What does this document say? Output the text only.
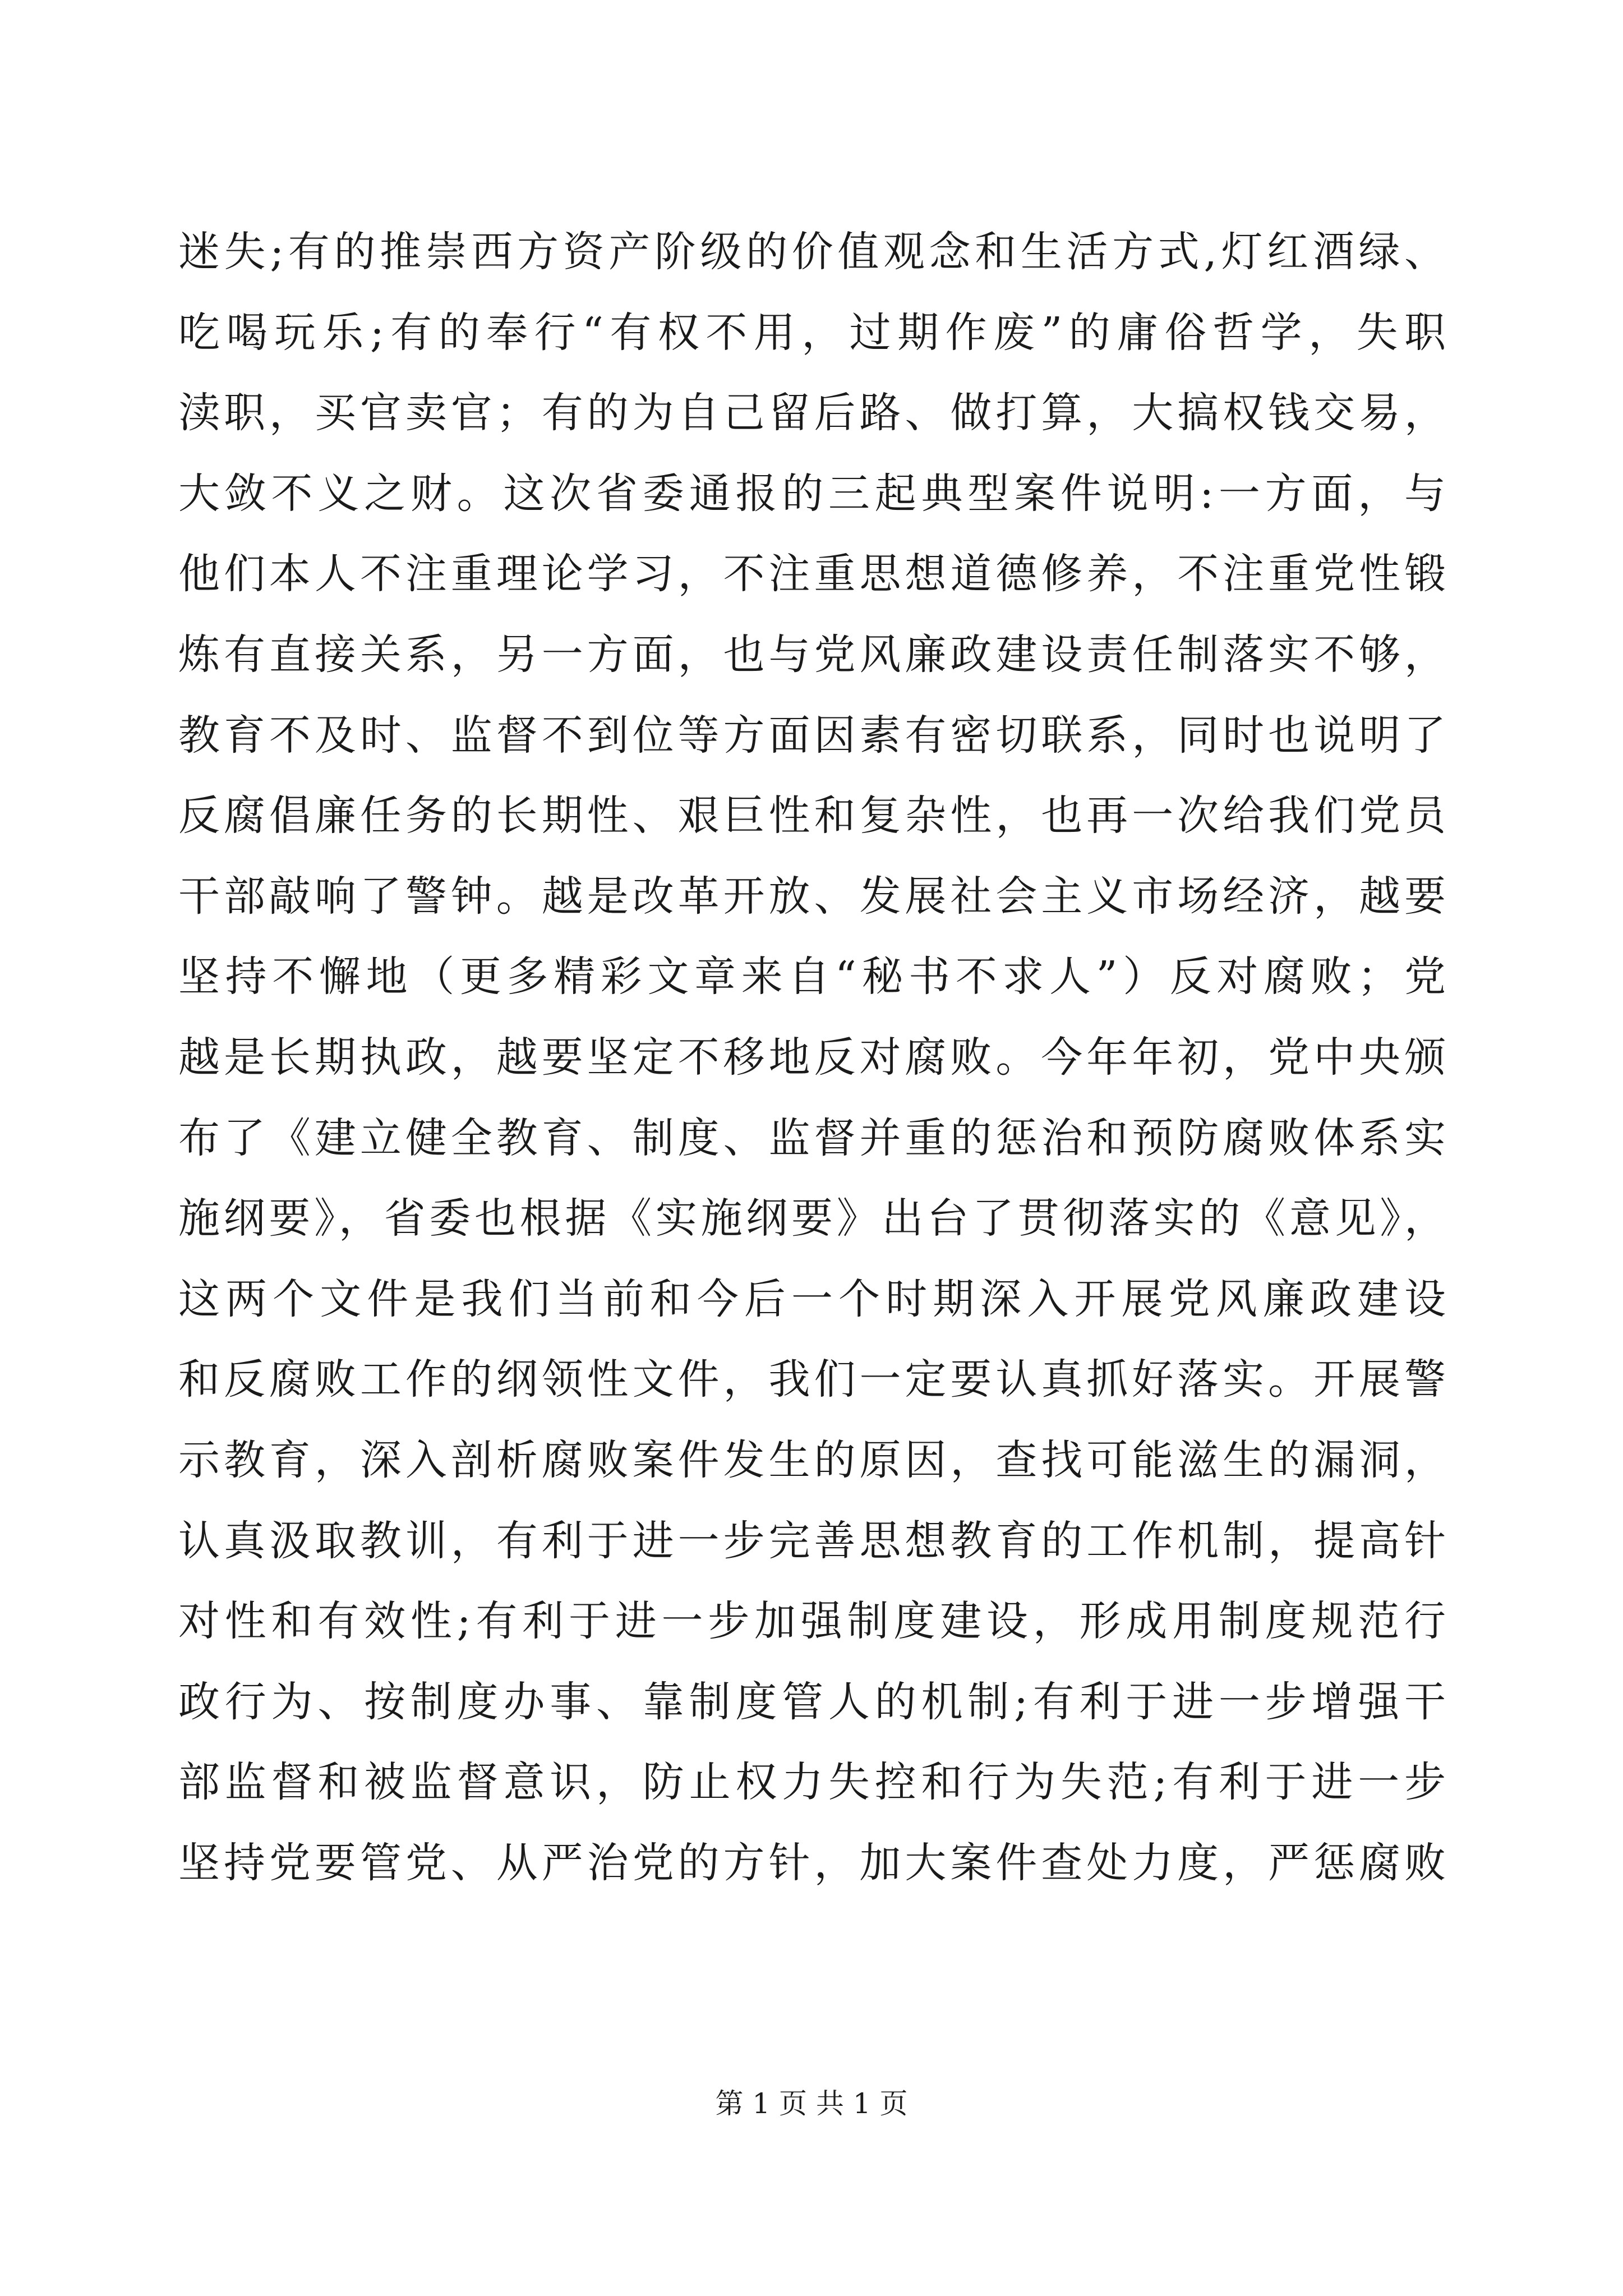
迷失;有的推崇西方资产阶级的价值观念和生活方式,灯红酒绿、
吃喝玩乐;有的奉行“有权不用，过期作废”的庸俗哲学，失职
渎职，买官卖官；有的为自己留后路、做打算，大搞权钱交易，
大敛不义之财。这次省委通报的三起典型案件说明:一方面，与
他们本人不注重理论学习，不注重思想道德修养，不注重党性锻
炼有直接关系，另一方面，也与党风廉政建设责任制落实不够，
教育不及时、监督不到位等方面因素有密切联系，同时也说明了
反腐倡廉任务的长期性、艰巨性和复杂性，也再一次给我们党员
干部敲响了警钟。越是改革开放、发展社会主义市场经济，越要
坚持不懈地（更多精彩文章来自“秘书不求人”）反对腐败；党
越是长期执政，越要坚定不移地反对腐败。今年年初，党中央颁
布了《建立健全教育、制度、监督并重的惩治和预防腐败体系实
施纲要》，省委也根据《实施纲要》出台了贯彻落实的《意见》，
这两个文件是我们当前和今后一个时期深入开展党风廉政建设
和反腐败工作的纲领性文件，我们一定要认真抓好落实。开展警
示教育，深入剖析腐败案件发生的原因，查找可能滋生的漏洞，
认真汲取教训，有利于进一步完善思想教育的工作机制，提高针
对性和有效性;有利于进一步加强制度建设，形成用制度规范行
政行为、按制度办事、靠制度管人的机制;有利于进一步增强干
部监督和被监督意识，防止权力失控和行为失范;有利于进一步
坚持党要管党、从严治党的方针，加大案件查处力度，严惩腐败
第 1 页 共 1 页
